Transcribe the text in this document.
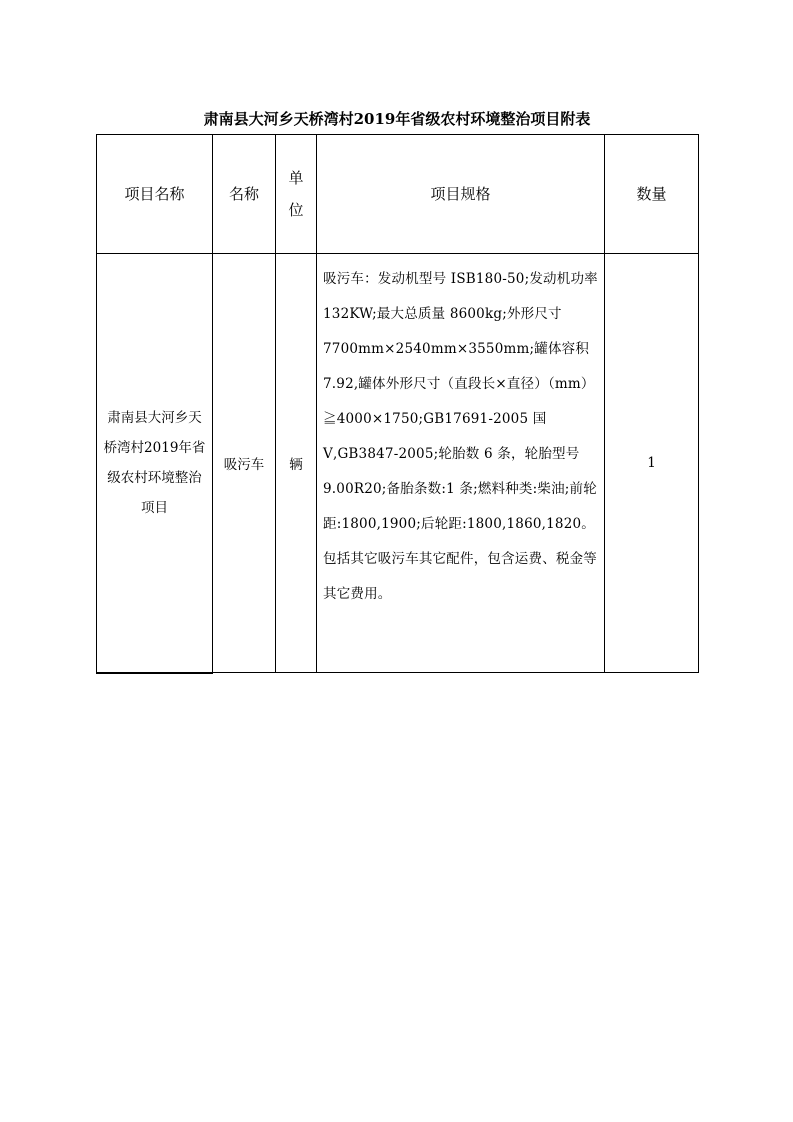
肃南县大河乡天桥湾村2019年省级农村环境整治项目附表
项目名称	名称	单位	项目规格	数量

肃南县大河乡天桥湾村2019年省级农村环境整治项目	吸污车	辆	吸污车：发动机型号 ISB180-50;发动机功率 132KW;最大总质量 8600kg;外形尺寸 7700mm×2540mm×3550mm;罐体容积 7.92,罐体外形尺寸（直段长×直径）（mm）≧4000×1750;GB17691-2005 国Ⅴ,GB3847-2005;轮胎数 6 条，轮胎型号 9.00R20;备胎条数:1 条;燃料种类:柴油;前轮距:1800,1900;后轮距:1800,1860,1820。包括其它吸污车其它配件，包含运费、税金等其它费用。	1
